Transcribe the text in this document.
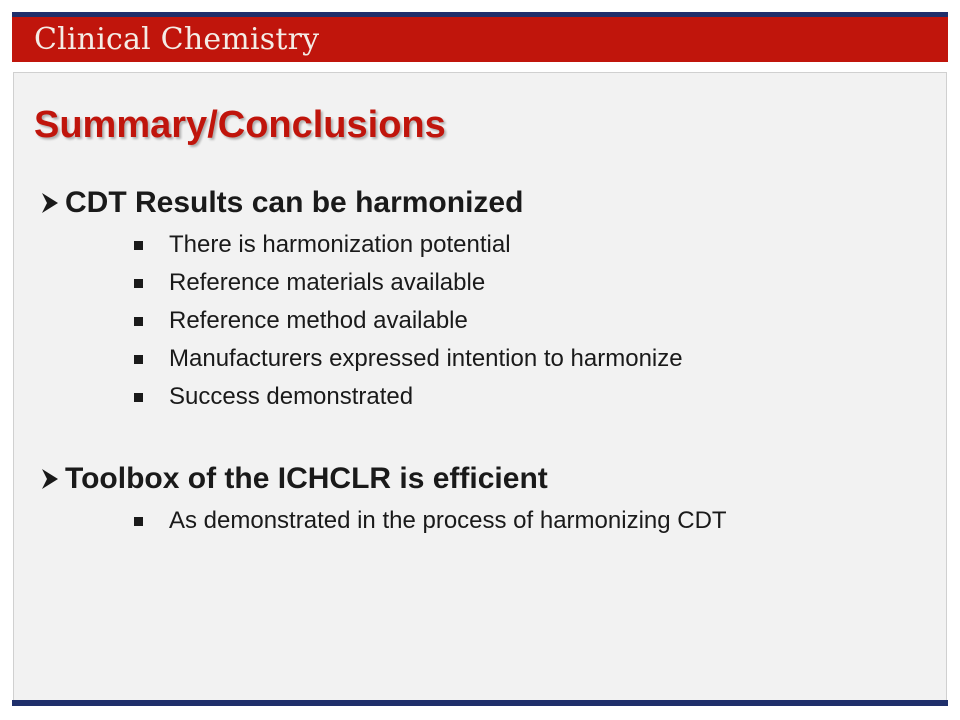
Clinical Chemistry
Summary/Conclusions
CDT Results can be harmonized
There is harmonization potential
Reference materials available
Reference method available
Manufacturers expressed intention to harmonize
Success demonstrated
Toolbox of the ICHCLR is efficient
As demonstrated in the process of harmonizing CDT
